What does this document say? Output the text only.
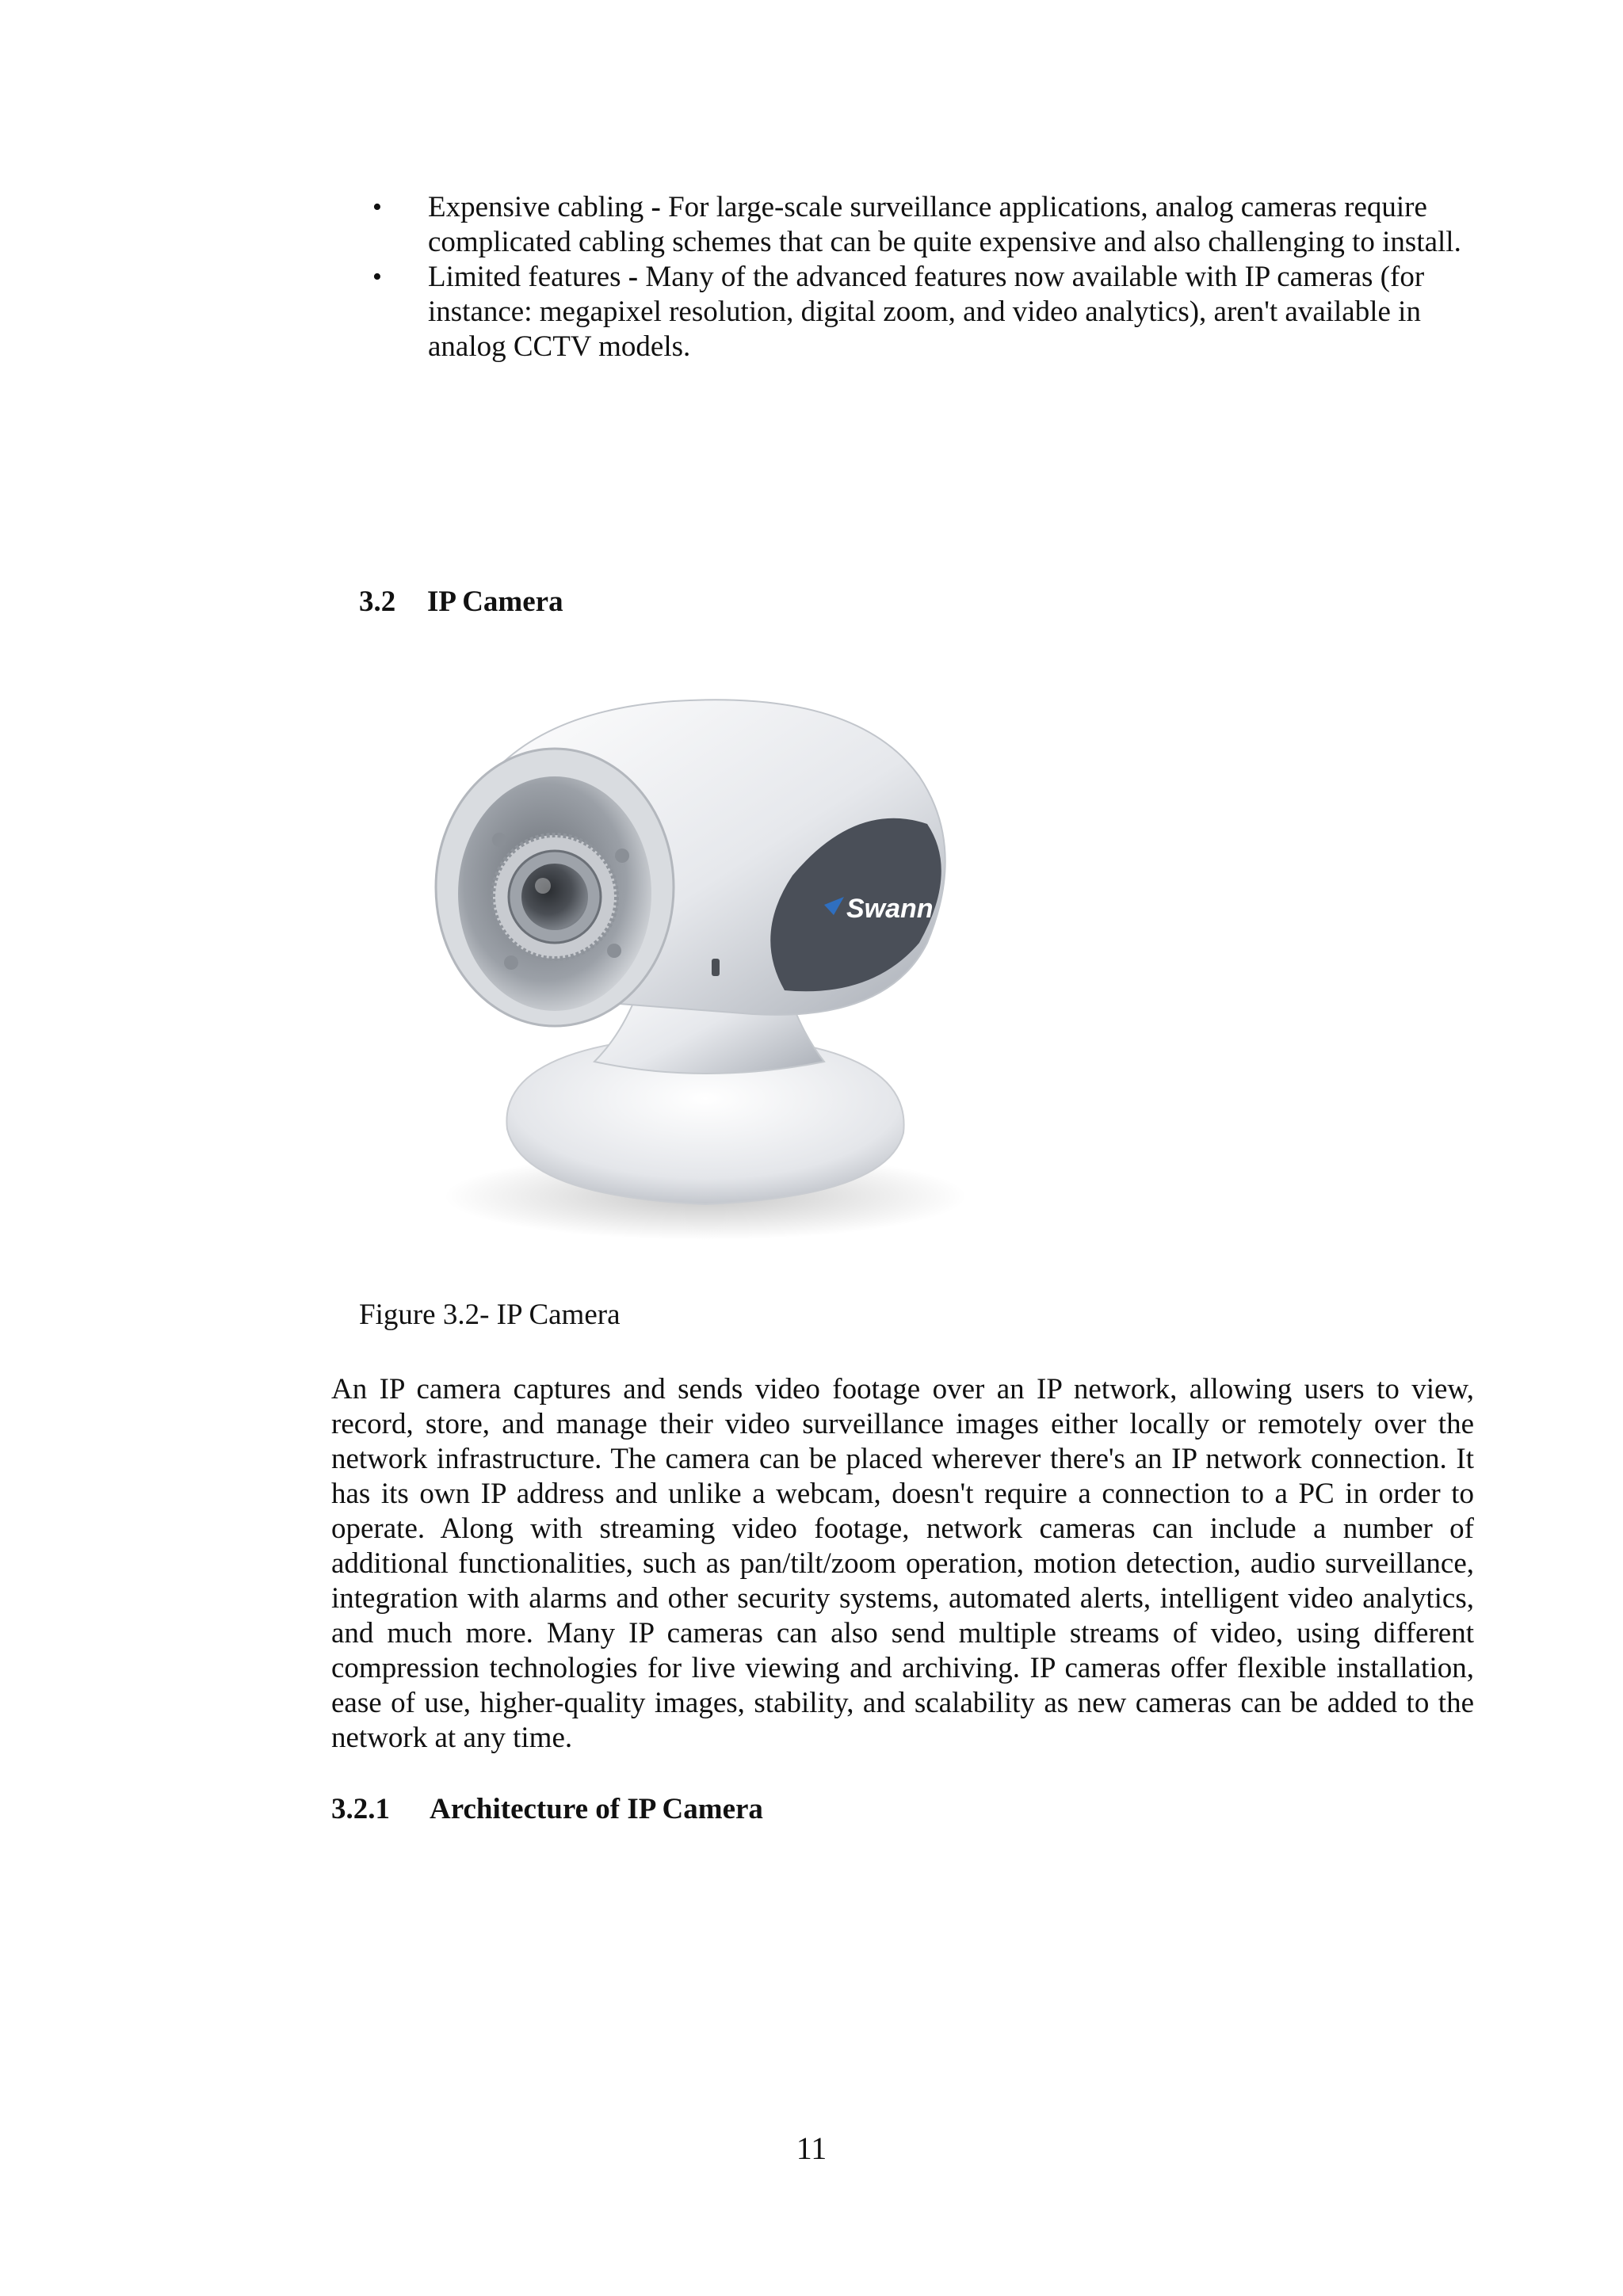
• Expensive cabling - For large-scale surveillance applications, analog cameras require complicated cabling schemes that can be quite expensive and also challenging to install.
• Limited features - Many of the advanced features now available with IP cameras (for instance: megapixel resolution, digital zoom, and video analytics), aren't available in analog CCTV models.
3.2 IP Camera
Swann
Figure 3.2- IP Camera

An IP camera captures and sends video footage over an IP network, allowing users to view, record, store, and manage their video surveillance images either locally or remotely over the network infrastructure. The camera can be placed wherever there's an IP network connection. It has its own IP address and unlike a webcam, doesn't require a connection to a PC in order to operate. Along with streaming video footage, network cameras can include a number of additional functionalities, such as pan/tilt/zoom operation, motion detection, audio surveillance, integration with alarms and other security systems, automated alerts, intelligent video analytics, and much more. Many IP cameras can also send multiple streams of video, using different compression technologies for live viewing and archiving. IP cameras offer flexible installation, ease of use, higher-quality images, stability, and scalability as new cameras can be added to the network at any time.

3.2.1 Architecture of IP Camera
11
